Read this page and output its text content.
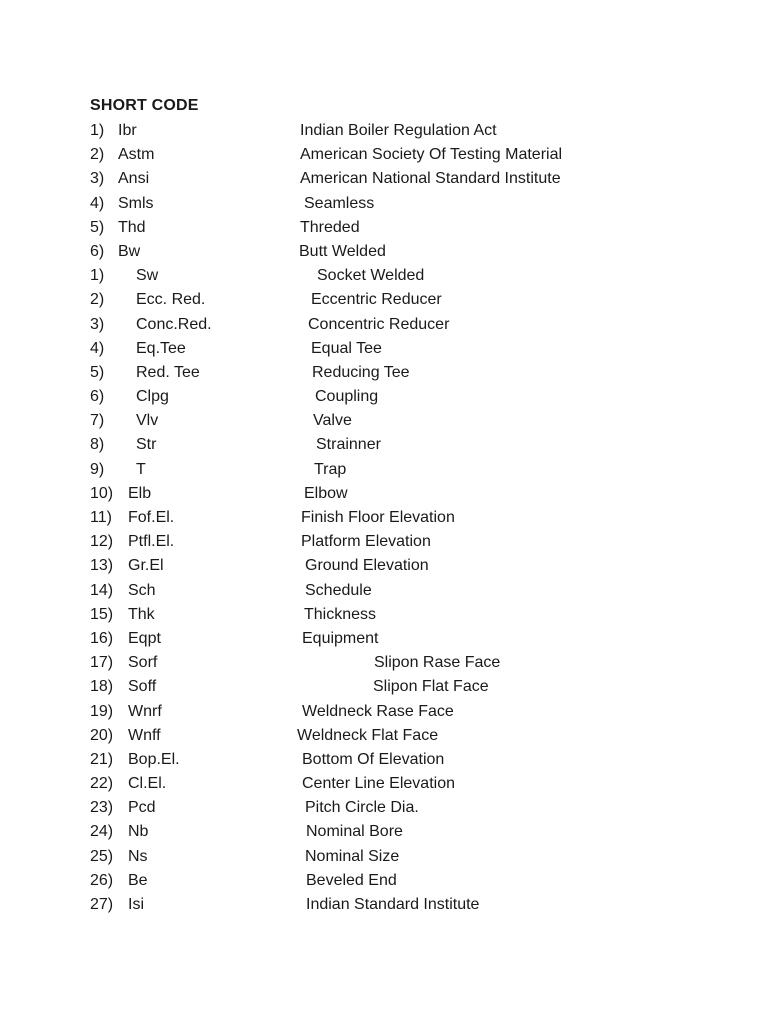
SHORT CODE
1) Ibr	Indian Boiler Regulation Act
2) Astm	American Society Of Testing Material
3) Ansi	American National Standard Institute
4) Smls	Seamless
5) Thd	Threded
6) Bw	Butt Welded
1) Sw	Socket Welded
2) Ecc. Red.	Eccentric Reducer
3) Conc.Red.	Concentric Reducer
4) Eq.Tee	Equal Tee
5) Red. Tee	Reducing Tee
6) Clpg	Coupling
7) Vlv	Valve
8) Str	Strainner
9) T	Trap
10) Elb	Elbow
11) Fof.El.	Finish Floor Elevation
12) Ptfl.El.	Platform Elevation
13) Gr.El	Ground Elevation
14) Sch	Schedule
15) Thk	Thickness
16) Eqpt	Equipment
17) Sorf	Slipon Rase Face
18) Soff	Slipon Flat Face
19) Wnrf	Weldneck Rase Face
20) Wnff	Weldneck Flat Face
21) Bop.El.	Bottom Of Elevation
22) Cl.El.	Center Line Elevation
23) Pcd	Pitch Circle Dia.
24) Nb	Nominal Bore
25) Ns	Nominal Size
26) Be	Beveled End
27) Isi	Indian Standard Institute
